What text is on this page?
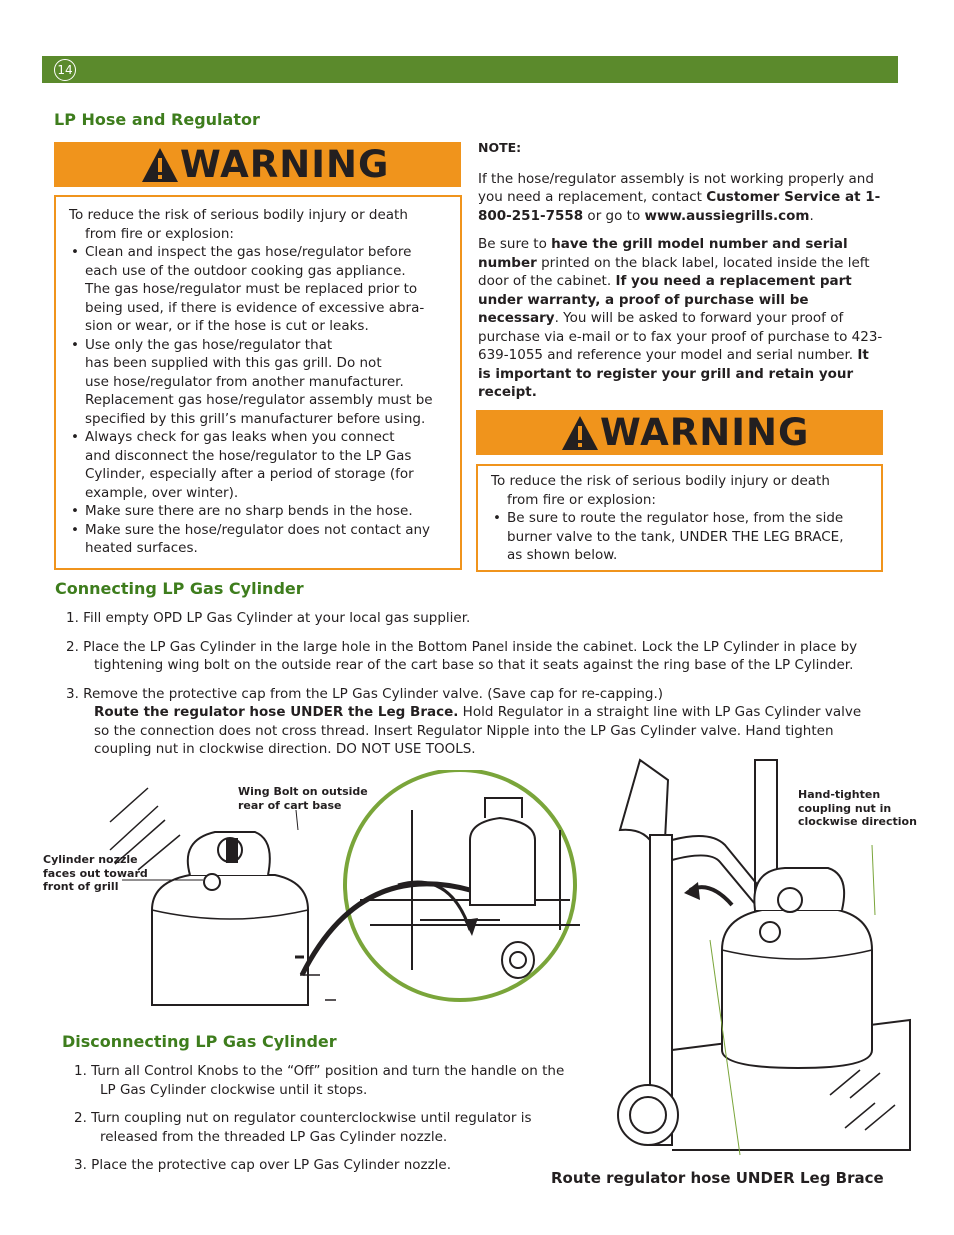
14
LP Hose and Regulator
WARNING

To reduce the risk of serious bodily injury or death

from fire or explosion:

• Clean and inspect the gas hose/regulator before

each use of the outdoor cooking gas appliance.

The gas hose/regulator must be replaced prior to

being used, if there is evidence of excessive abra-

sion or wear, or if the hose is cut or leaks.

• Use only the gas hose/regulator that

has been supplied with this gas grill. Do not

use hose/regulator from another manufacturer.

Replacement gas hose/regulator assembly must be

specified by this grill’s manufacturer before using.

• Always check for gas leaks when you connect

and disconnect the hose/regulator to the LP Gas

Cylinder, especially after a period of storage (for

example, over winter).

• Make sure there are no sharp bends in the hose.

• Make sure the hose/regulator does not contact any

heated surfaces.

NOTE:

If the hose/regulator assembly is not working properly and you need a replacement, contact Customer Service at 1-800-251-7558 or go to www.aussiegrills.com.

Be sure to have the grill model number and serial number printed on the black label, located inside the left door of the cabinet. If you need a replacement part under warranty, a proof of purchase will be necessary. You will be asked to forward your proof of purchase via e-mail or to fax your proof of purchase to 423-639-1055 and reference your model and serial number. It is important to register your grill and retain your receipt.

WARNING

To reduce the risk of serious bodily injury or death

from fire or explosion:

• Be sure to route the regulator hose, from the side

burner valve to the tank, UNDER THE LEG BRACE,

as shown below.

Connecting LP Gas Cylinder
1. Fill empty OPD LP Gas Cylinder at your local gas supplier.
2. Place the LP Gas Cylinder in the large hole in the Bottom Panel inside the cabinet. Lock the LP Cylinder in place by
tightening wing bolt on the outside rear of the cart base so that it seats against the ring base of the LP Cylinder.
3. Remove the protective cap from the LP Gas Cylinder valve. (Save cap for re-capping.)
Route the regulator hose UNDER the Leg Brace. Hold Regulator in a straight line with LP Gas Cylinder valve
so the connection does not cross thread. Insert Regulator Nipple into the LP Gas Cylinder valve. Hand tighten
coupling nut in clockwise direction. DO NOT USE TOOLS.
Wing Bolt on outside
rear of cart base
Cylinder nozzle
faces out toward
front of grill
Hand-tighten
coupling nut in
clockwise direction
Disconnecting LP Gas Cylinder
1. Turn all Control Knobs to the “Off” position and turn the handle on the
LP Gas Cylinder clockwise until it stops.
2. Turn coupling nut on regulator counterclockwise until regulator is
released from the threaded LP Gas Cylinder nozzle.
3. Place the protective cap over LP Gas Cylinder nozzle.
Route regulator hose UNDER Leg Brace
